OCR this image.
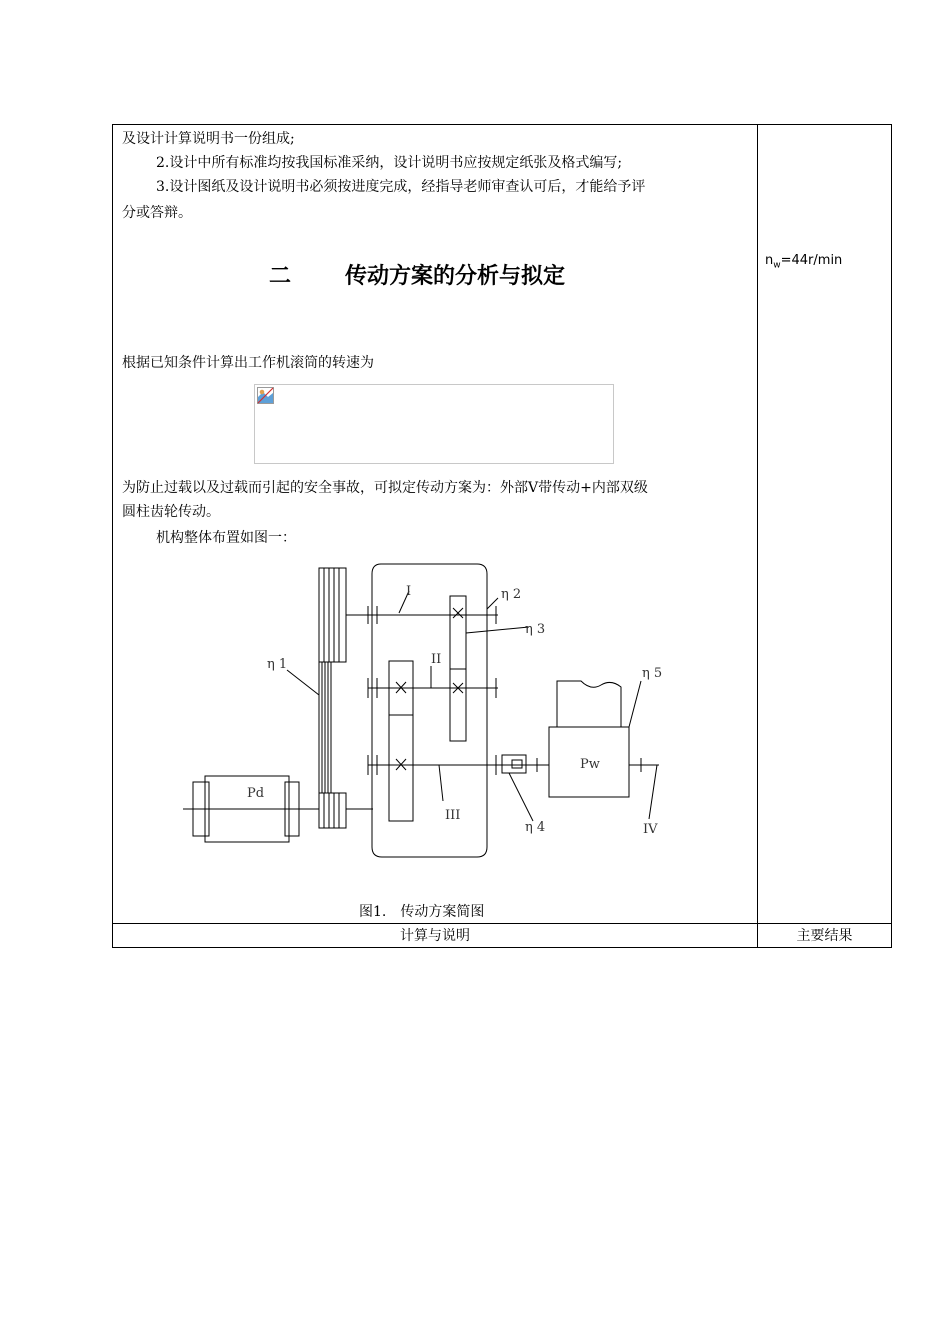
及设计计算说明书一份组成;
2.设计中所有标准均按我国标准采纳，设计说明书应按规定纸张及格式编写;
3.设计图纸及设计说明书必须按进度完成，经指导老师审查认可后，才能给予评
分或答辩。
二 传动方案的分析与拟定
根据已知条件计算出工作机滚筒的转速为
为防止过载以及过载而引起的安全事故，可拟定传动方案为：外部V带传动+内部双级
圆柱齿轮传动。
机构整体布置如图一：
Pd
Pw
I
II
III
IV
η 1
η 2
η 3
η 4
η 5
图1.　传动方案简图
$n_w=44r/\min$
计算与说明	主要结果
